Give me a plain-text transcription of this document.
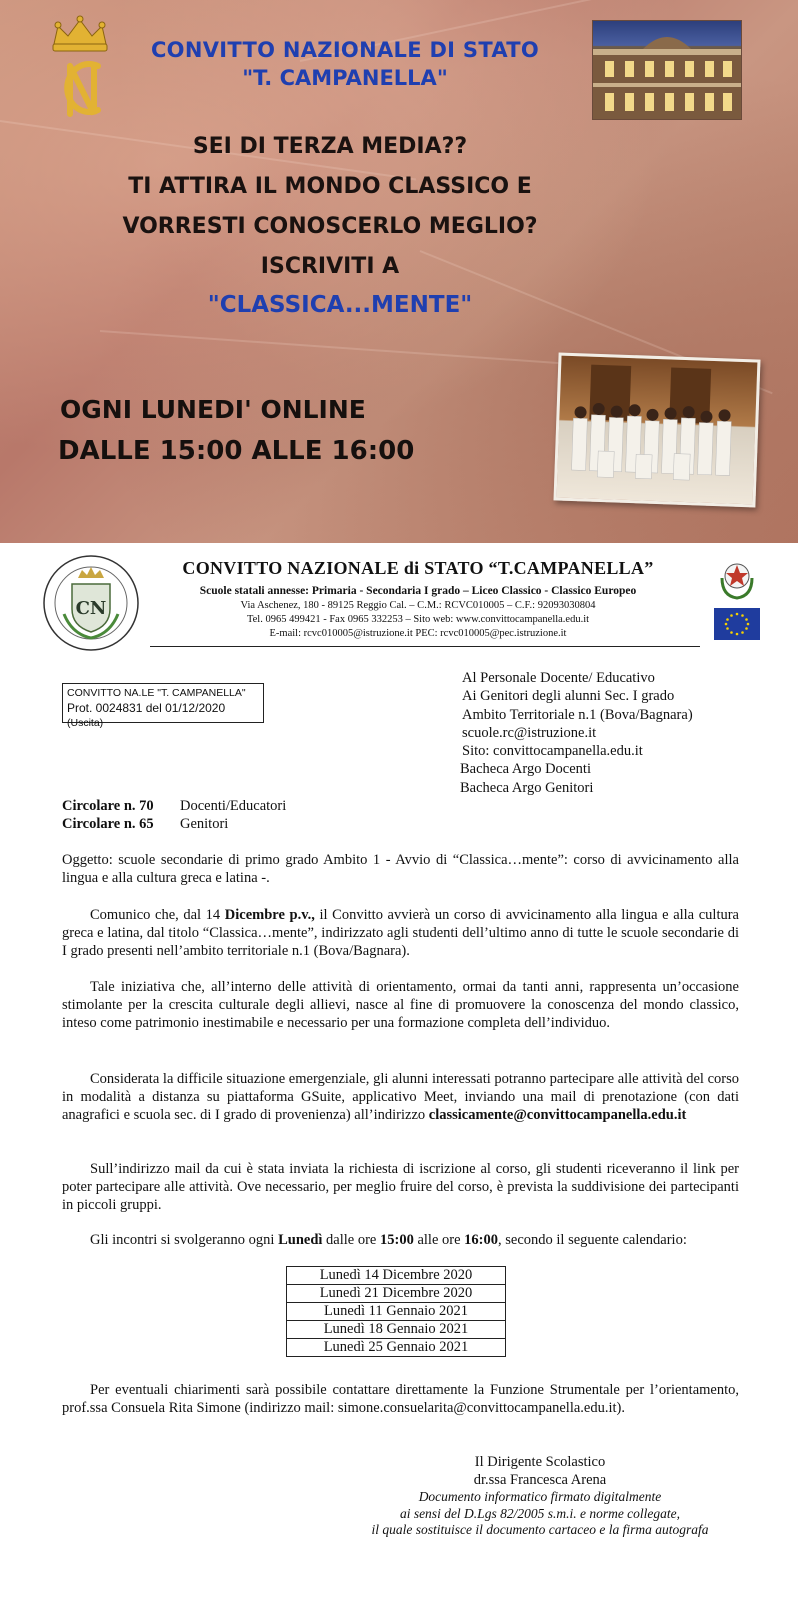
CN
CONVITTO NAZIONALE DI STATO
"T. CAMPANELLA"
SEI DI TERZA MEDIA??
TI ATTIRA IL MONDO CLASSICO E
VORRESTI CONOSCERLO MEGLIO?
ISCRIVITI A
"CLASSICA...MENTE"
OGNI LUNEDI' ONLINE
DALLE 15:00 ALLE 16:00
CN
CONVITTO NAZIONALE di STATO “T.CAMPANELLA”

Scuole statali annesse: Primaria - Secondaria I grado – Liceo Classico - Classico Europeo

Via Aschenez, 180 - 89125 Reggio Cal. – C.M.: RCVC010005 – C.F.: 92093030804

Tel. 0965 499421 - Fax 0965 332253 – Sito web: www.convittocampanella.edu.it

E-mail: rcvc010005@istruzione.it PEC: rcvc010005@pec.istruzione.it

CONVITTO NA.LE "T. CAMPANELLA"
Prot. 0024831 del 01/12/2020
(Uscita)
Al Personale Docente/ Educativo
Ai Genitori degli alunni Sec. I grado
Ambito Territoriale n.1 (Bova/Bagnara)
scuole.rc@istruzione.it
Sito: convittocampanella.edu.it
Bacheca Argo Docenti
Bacheca Argo Genitori
Circolare n. 70 Docenti/Educatori
Circolare n. 65 Genitori

Oggetto: scuole secondarie di primo grado Ambito 1 - Avvio di “Classica…mente”: corso di avvicinamento alla lingua e alla cultura greca e latina -.

Comunico che, dal 14 Dicembre p.v., il Convitto avvierà un corso di avvicinamento alla lingua e alla cultura greca e latina, dal titolo “Classica…mente”, indirizzato agli studenti dell’ultimo anno di tutte le scuole secondarie di I grado presenti nell’ambito territoriale n.1 (Bova/Bagnara).

Tale iniziativa che, all’interno delle attività di orientamento, ormai da tanti anni, rappresenta un’occasione stimolante per la crescita culturale degli allievi, nasce al fine di promuovere la conoscenza del mondo classico, inteso come patrimonio inestimabile e necessario per una formazione completa dell’individuo.

Considerata la difficile situazione emergenziale, gli alunni interessati potranno partecipare alle attività del corso in modalità a distanza su piattaforma GSuite, applicativo Meet, inviando una mail di prenotazione (con dati anagrafici e scuola sec. di I grado di provenienza) all’indirizzo classicamente@convittocampanella.edu.it

Sull’indirizzo mail da cui è stata inviata la richiesta di iscrizione al corso, gli studenti riceveranno il link per poter partecipare alle attività. Ove necessario, per meglio fruire del corso, è prevista la suddivisione dei partecipanti in piccoli gruppi.

Gli incontri si svolgeranno ogni Lunedì dalle ore 15:00 alle ore 16:00, secondo il seguente calendario:

Lunedì 14 Dicembre 2020
Lunedì 21 Dicembre 2020
Lunedì 11 Gennaio 2021
Lunedì 18 Gennaio 2021
Lunedì 25 Gennaio 2021

Per eventuali chiarimenti sarà possibile contattare direttamente la Funzione Strumentale per l’orientamento, prof.ssa Consuela Rita Simone (indirizzo mail: simone.consuelarita@convittocampanella.edu.it).

Il Dirigente Scolastico
dr.ssa Francesca Arena
Documento informatico firmato digitalmente
ai sensi del D.Lgs 82/2005 s.m.i. e norme collegate,
il quale sostituisce il documento cartaceo e la firma autografa
